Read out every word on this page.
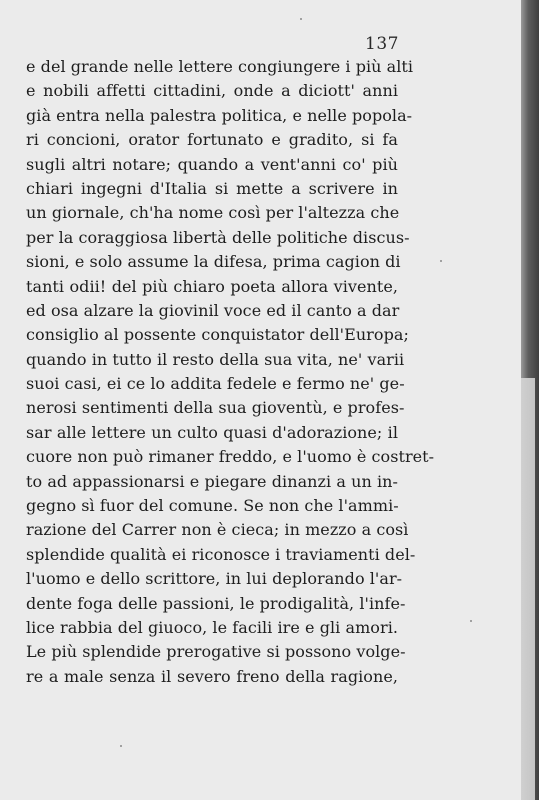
137
e del grande nelle lettere congiungere i più alti
e nobili affetti cittadini, onde a diciott' anni
già entra nella palestra politica, e nelle popola-
ri concioni, orator fortunato e gradito, si fa
sugli altri notare; quando a vent'anni co' più
chiari ingegni d'Italia si mette a scrivere in
un giornale, ch'ha nome così per l'altezza che
per la coraggiosa libertà delle politiche discus-
sioni, e solo assume la difesa, prima cagion di
tanti odii! del più chiaro poeta allora vivente,
ed osa alzare la giovinil voce ed il canto a dar
consiglio al possente conquistator dell'Europa;
quando in tutto il resto della sua vita, ne' varii
suoi casi, ei ce lo addita fedele e fermo ne' ge-
nerosi sentimenti della sua gioventù, e profes-
sar alle lettere un culto quasi d'adorazione; il
cuore non può rimaner freddo, e l'uomo è costret-
to ad appassionarsi e piegare dinanzi a un in-
gegno sì fuor del comune. Se non che l'ammi-
razione del Carrer non è cieca; in mezzo a così
splendide qualità ei riconosce i traviamenti del-
l'uomo e dello scrittore, in lui deplorando l'ar-
dente foga delle passioni, le prodigalità, l'infe-
lice rabbia del giuoco, le facili ire e gli amori.
Le più splendide prerogative si possono volge-
re a male senza il severo freno della ragione,
